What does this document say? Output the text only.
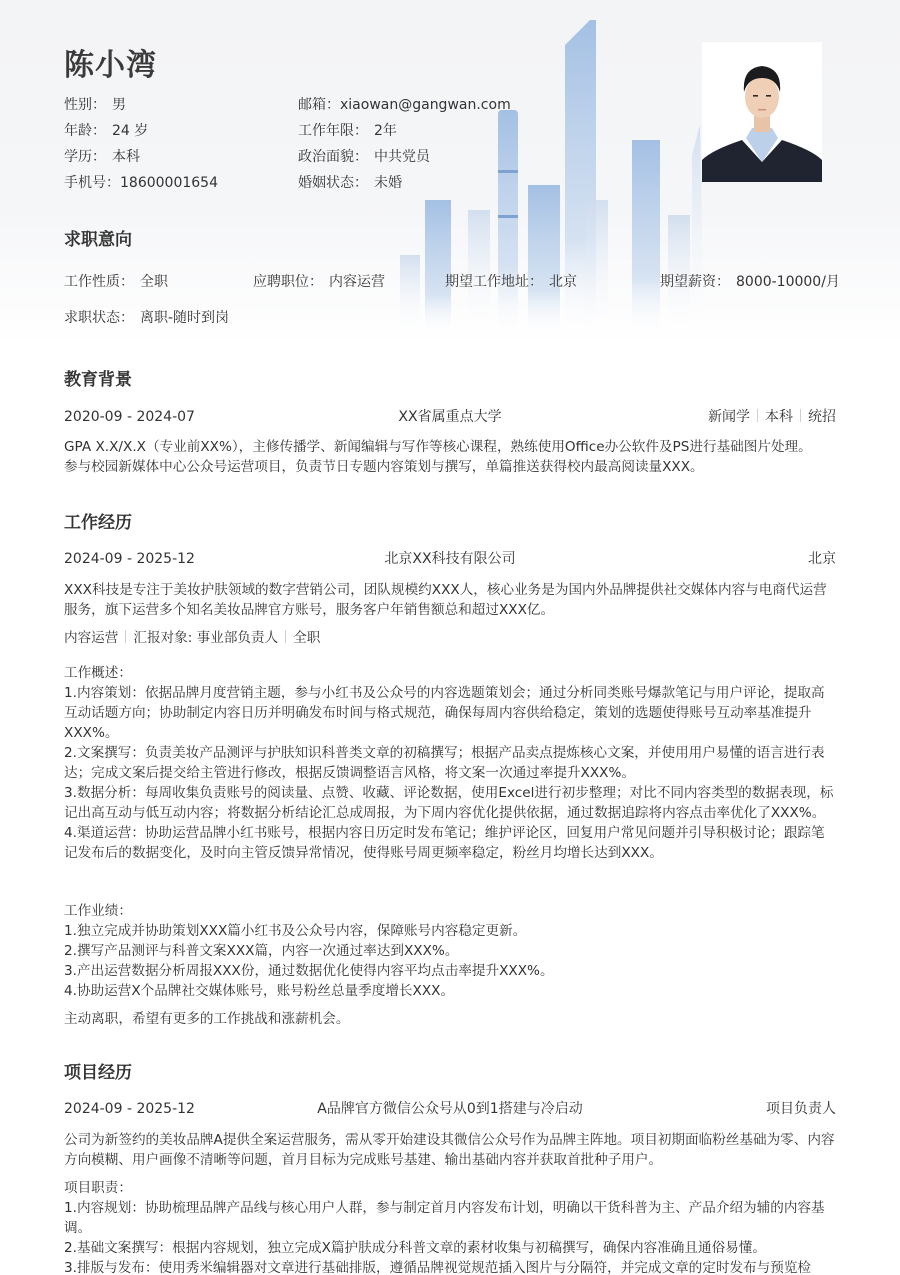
陈小湾
性别： 男	邮箱：xiaowan@gangwan.com
年龄： 24 岁	工作年限： 2年
学历： 本科	政治面貌： 中共党员
手机号：18600001654	婚姻状态： 未婚
求职意向
工作性质： 全职	应聘职位： 内容运营	期望工作地址： 北京	期望薪资： 8000-10000/月
求职状态： 离职-随时到岗
教育背景
2020-09 - 2024-07	XX省属重点大学	新闻学 本科 统招

GPA X.X/X.X（专业前XX%），主修传播学、新闻编辑与写作等核心课程，熟练使用Office办公软件及PS进行基础图片处理。

参与校园新媒体中心公众号运营项目，负责节日专题内容策划与撰写，单篇推送获得校内最高阅读量XXX。

工作经历
2024-09 - 2025-12	北京XX科技有限公司	北京

XXX科技是专注于美妆护肤领域的数字营销公司，团队规模约XXX人，核心业务是为国内外品牌提供社交媒体内容与电商代运营服务，旗下运营多个知名美妆品牌官方账号，服务客户年销售额总和超过XXX亿。

内容运营 汇报对象: 事业部负责人 全职

工作概述：

1.内容策划：依据品牌月度营销主题，参与小红书及公众号的内容选题策划会；通过分析同类账号爆款笔记与用户评论，提取高互动话题方向；协助制定内容日历并明确发布时间与格式规范，确保每周内容供给稳定，策划的选题使得账号互动率基准提升XXX%。

2.文案撰写：负责美妆产品测评与护肤知识科普类文章的初稿撰写；根据产品卖点提炼核心文案，并使用用户易懂的语言进行表达；完成文案后提交给主管进行修改，根据反馈调整语言风格，将文案一次通过率提升XXX%。

3.数据分析：每周收集负责账号的阅读量、点赞、收藏、评论数据，使用Excel进行初步整理；对比不同内容类型的数据表现，标记出高互动与低互动内容；将数据分析结论汇总成周报，为下周内容优化提供依据，通过数据追踪将内容点击率优化了XXX%。

4.渠道运营：协助运营品牌小红书账号，根据内容日历定时发布笔记；维护评论区，回复用户常见问题并引导积极讨论；跟踪笔记发布后的数据变化，及时向主管反馈异常情况，使得账号周更频率稳定，粉丝月均增长达到XXX。

工作业绩：

1.独立完成并协助策划XXX篇小红书及公众号内容，保障账号内容稳定更新。

2.撰写产品测评与科普文案XXX篇，内容一次通过率达到XXX%。

3.产出运营数据分析周报XXX份，通过数据优化使得内容平均点击率提升XXX%。

4.协助运营X个品牌社交媒体账号，账号粉丝总量季度增长XXX。

主动离职，希望有更多的工作挑战和涨薪机会。

项目经历
2024-09 - 2025-12	A品牌官方微信公众号从0到1搭建与冷启动	项目负责人

公司为新签约的美妆品牌A提供全案运营服务，需从零开始建设其微信公众号作为品牌主阵地。项目初期面临粉丝基础为零、内容方向模糊、用户画像不清晰等问题，首月目标为完成账号基建、输出基础内容并获取首批种子用户。

项目职责：

1.内容规划：协助梳理品牌产品线与核心用户人群，参与制定首月内容发布计划，明确以干货科普为主、产品介绍为辅的内容基调。

2.基础文案撰写：根据内容规划，独立完成X篇护肤成分科普文章的素材收集与初稿撰写，确保内容准确且通俗易懂。

3.排版与发布：使用秀米编辑器对文章进行基础排版，遵循品牌视觉规范插入图片与分隔符，并完成文章的定时发布与预览检
